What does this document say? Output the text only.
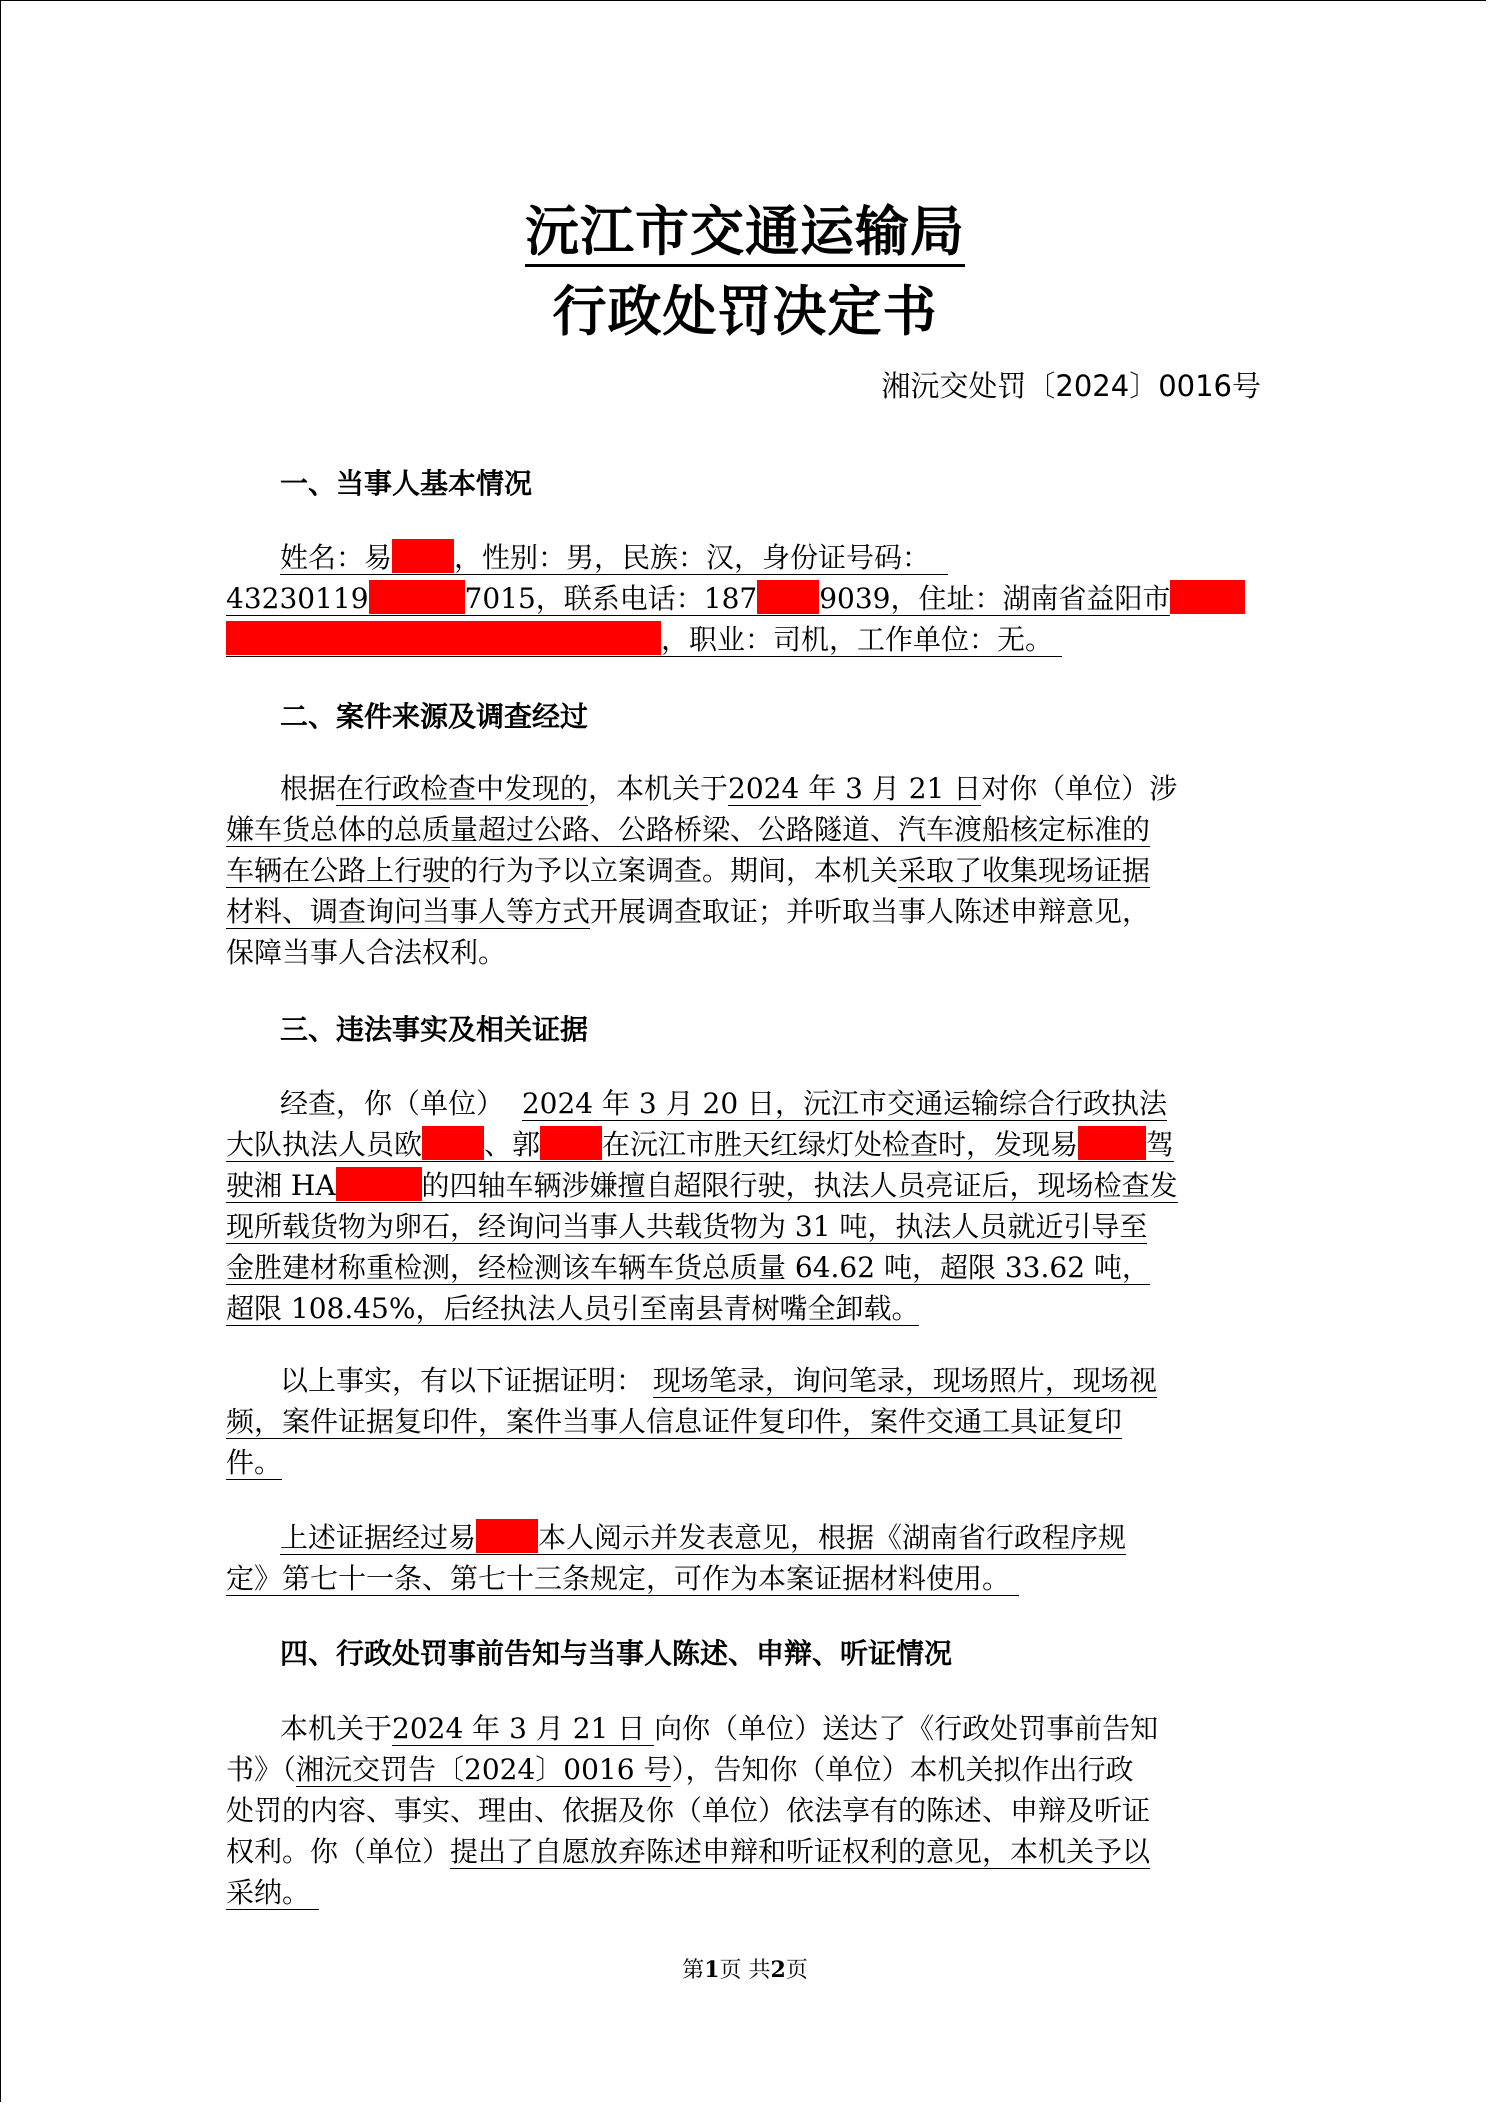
沅江市交通运输局
行政处罚决定书
湘沅交处罚〔2024〕0016号
一、当事人基本情况
姓名：易 ，性别：男，民族：汉，身份证号码：
43230119	7015，联系电话：187 9039，住址：湖南省益阳市
，职业：司机，工作单位：无。
二、案件来源及调查经过
根据在行政检查中发现的，本机关于2024 年 3 月 21 日对你（单位）涉
嫌车货总体的总质量超过公路、公路桥梁、公路隧道、汽车渡船核定标准的
车辆在公路上行驶的行为予以立案调查。期间，本机关采取了收集现场证据
材料、调查询问当事人等方式开展调查取证；并听取当事人陈述申辩意见，
保障当事人合法权利。
三、违法事实及相关证据
经查，你（单位） 2024 年 3 月 20 日，沅江市交通运输综合行政执法
大队执法人员欧 、郭 在沅江市胜天红绿灯处检查时，发现易 驾
驶湘 HA	的四轴车辆涉嫌擅自超限行驶，执法人员亮证后，现场检查发
现所载货物为卵石，经询问当事人共载货物为 31 吨，执法人员就近引导至
金胜建材称重检测，经检测该车辆车货总质量 64.62 吨，超限 33.62 吨，
超限 108.45%，后经执法人员引至南县青树嘴全卸载。
以上事实，有以下证据证明： 现场笔录，询问笔录，现场照片，现场视
频，案件证据复印件，案件当事人信息证件复印件，案件交通工具证复印
件。
上述证据经过易 本人阅示并发表意见，根据《湖南省行政程序规
定》第七十一条、第七十三条规定，可作为本案证据材料使用。
四、行政处罚事前告知与当事人陈述、申辩、听证情况
本机关于2024 年 3 月 21 日 向你（单位）送达了《行政处罚事前告知
书》（湘沅交罚告〔2024〕0016 号），告知你（单位）本机关拟作出行政
处罚的内容、事实、理由、依据及你（单位）依法享有的陈述、申辩及听证
权利。你（单位）提出了自愿放弃陈述申辩和听证权利的意见，本机关予以
采纳。
第1页 共2页
